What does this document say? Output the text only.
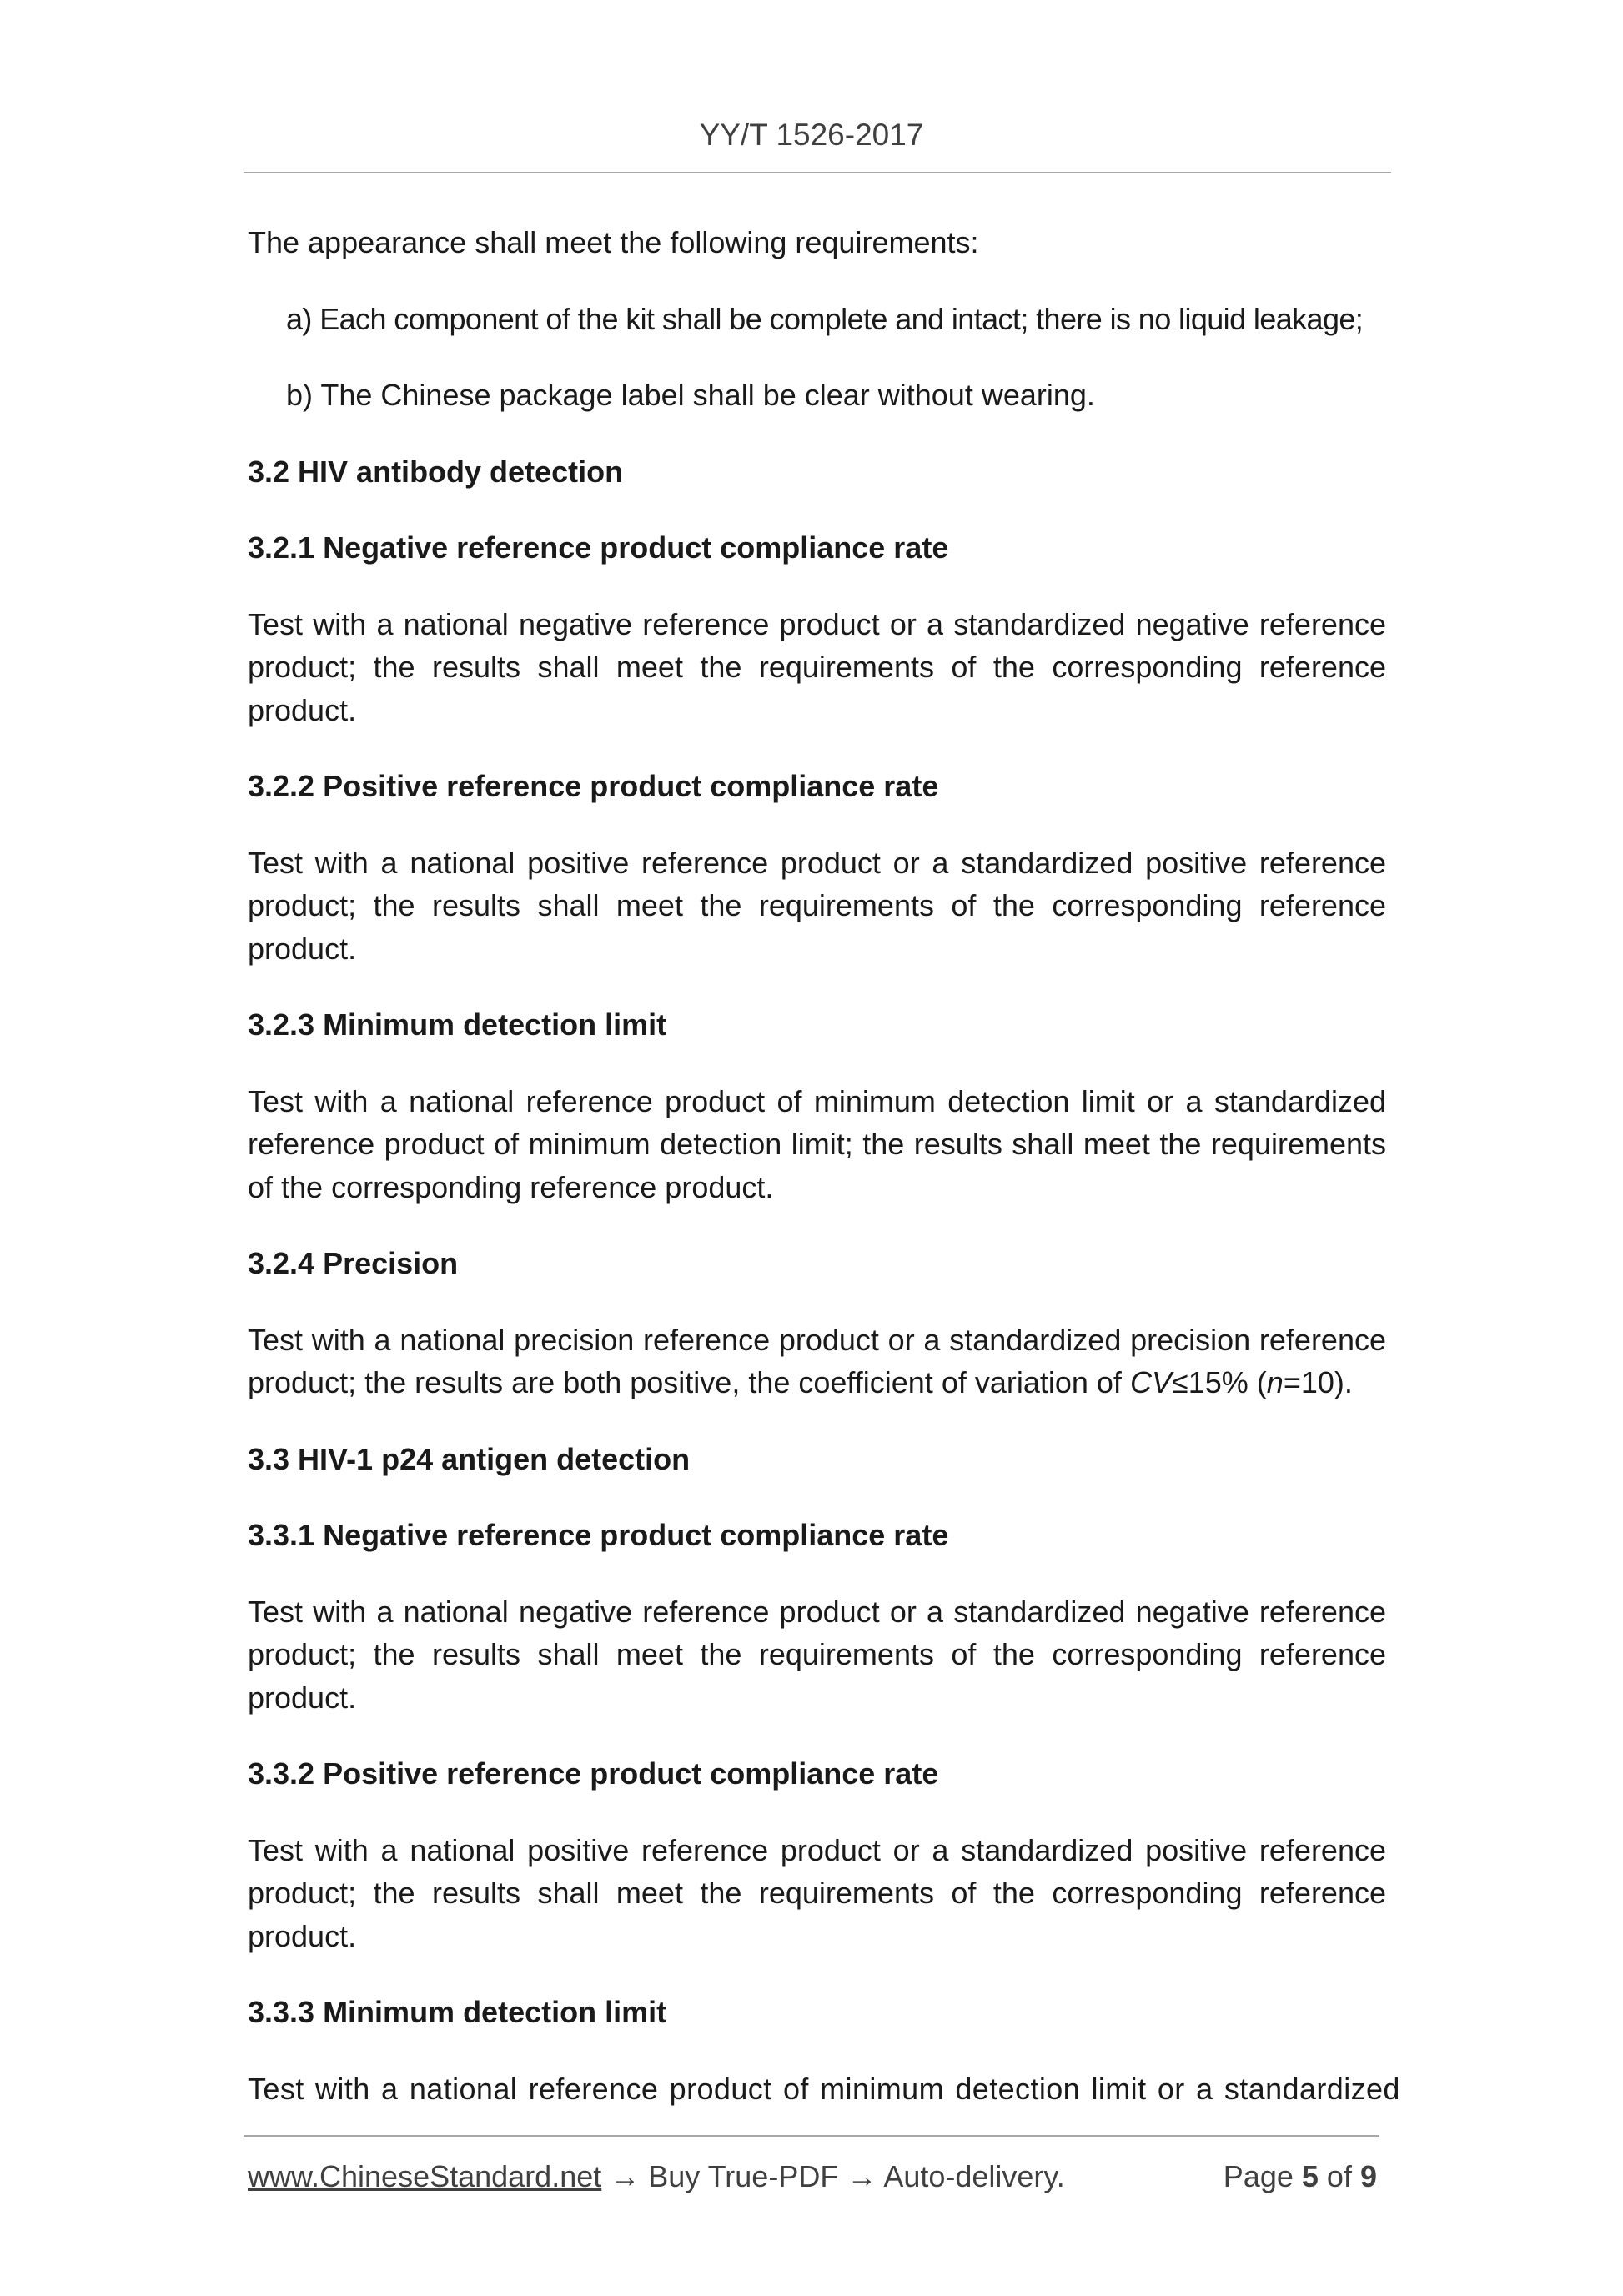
YY/T 1526-2017

The appearance shall meet the following requirements:

a) Each component of the kit shall be complete and intact; there is no liquid leakage;

b) The Chinese package label shall be clear without wearing.

3.2 HIV antibody detection

3.2.1 Negative reference product compliance rate

Test with a national negative reference product or a standardized negative reference product; the results shall meet the requirements of the corresponding reference product.

3.2.2 Positive reference product compliance rate

Test with a national positive reference product or a standardized positive reference product; the results shall meet the requirements of the corresponding reference product.

3.2.3 Minimum detection limit

Test with a national reference product of minimum detection limit or a standardized reference product of minimum detection limit; the results shall meet the requirements of the corresponding reference product.

3.2.4 Precision

Test with a national precision reference product or a standardized precision reference product; the results are both positive, the coefficient of variation of CV≤15% (n=10).

3.3 HIV-1 p24 antigen detection

3.3.1 Negative reference product compliance rate

Test with a national negative reference product or a standardized negative reference product; the results shall meet the requirements of the corresponding reference product.

3.3.2 Positive reference product compliance rate

Test with a national positive reference product or a standardized positive reference product; the results shall meet the requirements of the corresponding reference product.

3.3.3 Minimum detection limit

Test with a national reference product of minimum detection limit or a standardized

www.ChineseStandard.net → Buy True-PDF → Auto-delivery.	Page 5 of 9
